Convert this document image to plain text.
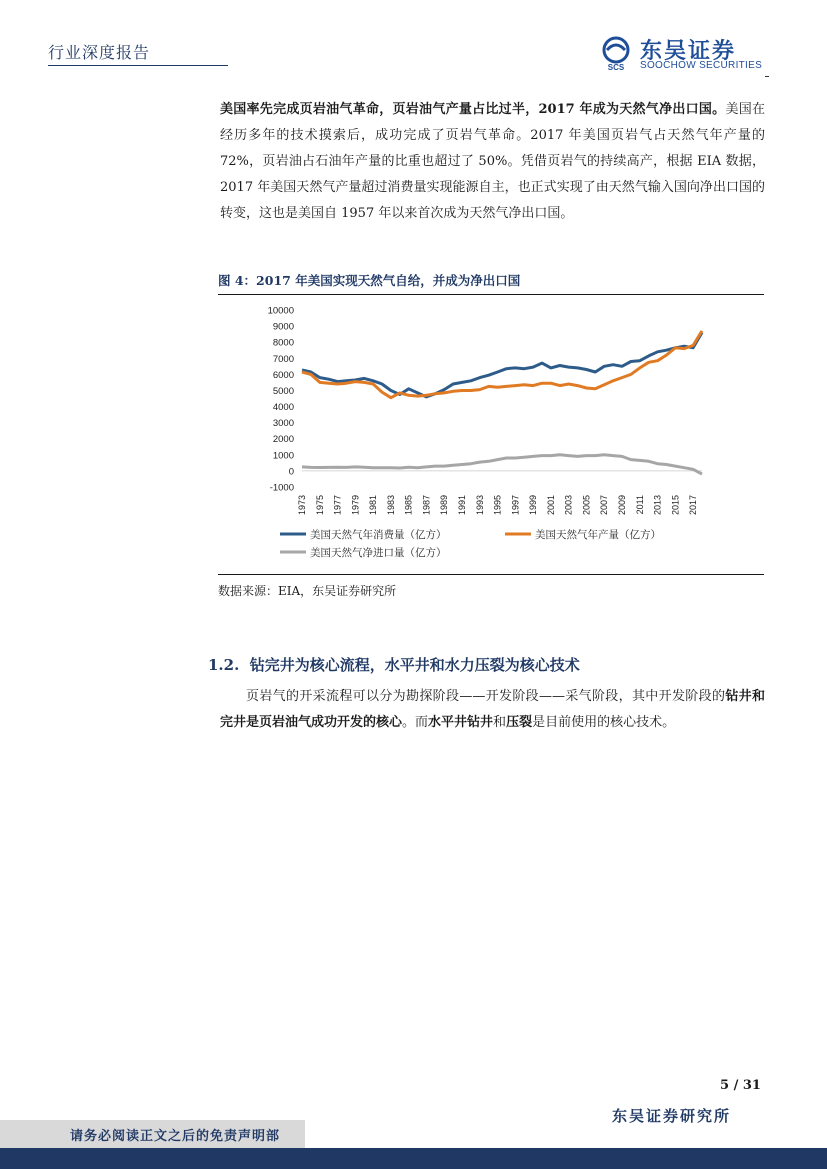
行业深度报告
SCS
东吴证券
SOOCHOW SECURITIES
美国率先完成页岩油气革命，页岩油气产量占比过半，2017 年成为天然气净出口国。美国在经历多年的技术摸索后，成功完成了页岩气革命。2017 年美国页岩气占天然气年产量的 72%，页岩油占石油年产量的比重也超过了 50%。凭借页岩气的持续高产，根据 EIA 数据，2017 年美国天然气产量超过消费量实现能源自主，也正式实现了由天然气输入国向净出口国的转变，这也是美国自 1957 年以来首次成为天然气净出口国。
图 4：2017 年美国实现天然气自给，并成为净出口国
-1000
0
1000
2000
3000
4000
5000
6000
7000
8000
9000
10000
1973 1975 1977 1979 1981 1983 1985 1987 1989 1991 1993 1995 1997 1999 2001 2003 2005 2007 2009 2011 2013 2015 2017
美国天然气年消费量（亿方）	美国天然气年产量（亿方）
美国天然气净进口量（亿方）
数据来源：EIA，东吴证券研究所
1.2. 钻完井为核心流程，水平井和水力压裂为核心技术
页岩气的开采流程可以分为勘探阶段——开发阶段——采气阶段，其中开发阶段的钻井和完井是页岩油气成功开发的核心。而水平井钻井和压裂是目前使用的核心技术。
5 / 31
东吴证券研究所
请务必阅读正文之后的免责声明部
